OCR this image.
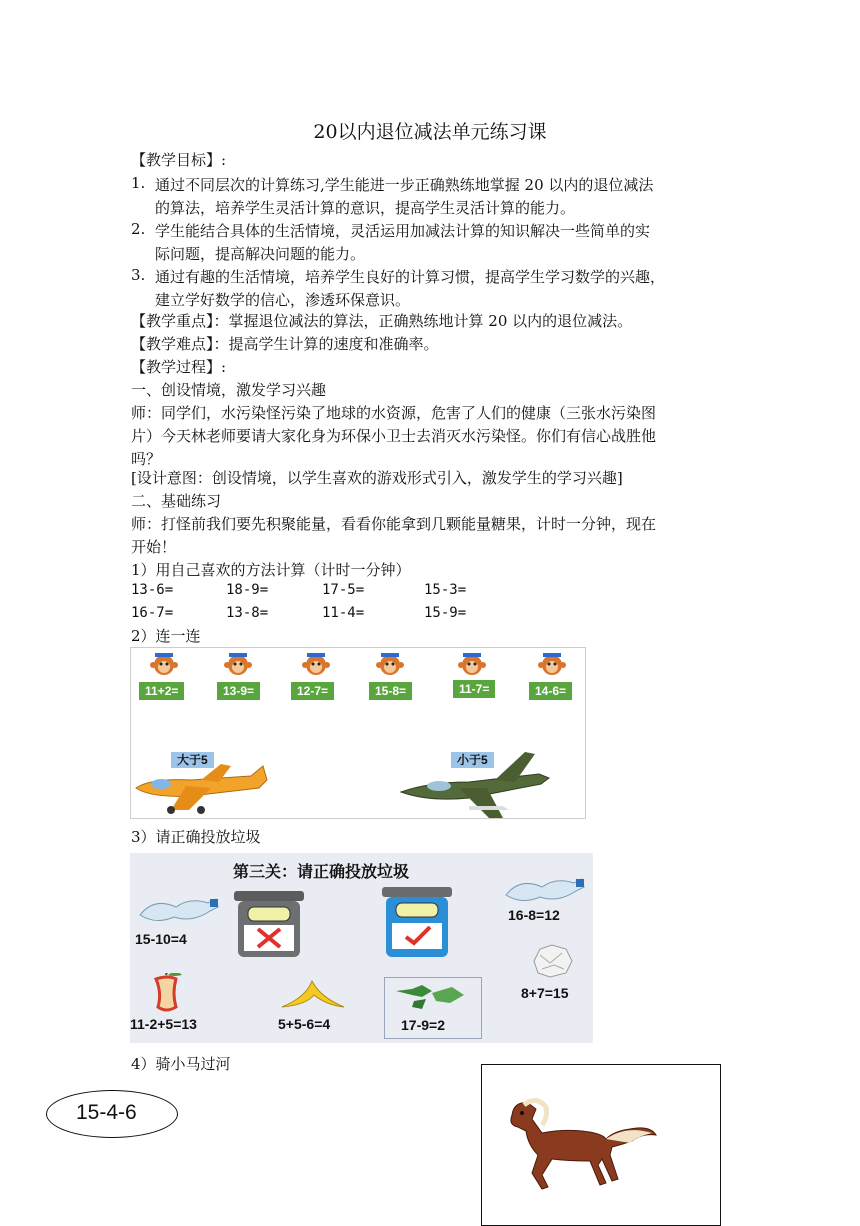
20以内退位减法单元练习课
【教学目标】:
1. 通过不同层次的计算练习,学生能进一步正确熟练地掌握 20 以内的退位减法
的算法，培养学生灵活计算的意识，提高学生灵活计算的能力。
2. 学生能结合具体的生活情境，灵活运用加减法计算的知识解决一些简单的实
际问题，提高解决问题的能力。
3. 通过有趣的生活情境，培养学生良好的计算习惯，提高学生学习数学的兴趣，
建立学好数学的信心，渗透环保意识。
【教学重点】：掌握退位减法的算法，正确熟练地计算 20 以内的退位减法。
【教学难点】：提高学生计算的速度和准确率。
【教学过程】:
一、创设情境，激发学习兴趣
师：同学们，水污染怪污染了地球的水资源，危害了人们的健康（三张水污染图
片）今天林老师要请大家化身为环保小卫士去消灭水污染怪。你们有信心战胜他
吗？
[设计意图：创设情境，以学生喜欢的游戏形式引入，激发学生的学习兴趣]
二、基础练习
师：打怪前我们要先积聚能量，看看你能拿到几颗能量糖果，计时一分钟，现在
开始！
1）用自己喜欢的方法计算（计时一分钟）
13-6=	18-9=	17-5=	15-3=
16-7=	13-8=	11-4=	15-9=
2）连一连
11+2=	13-9=	12-7=	15-8=	11-7=	14-6=
大于5	小于5
3）请正确投放垃圾
第三关：请正确投放垃圾
15-10=4
16-8=12
8+7=15
11-2+5=13	5+5-6=4	17-9=2
4）骑小马过河
15-4-6
